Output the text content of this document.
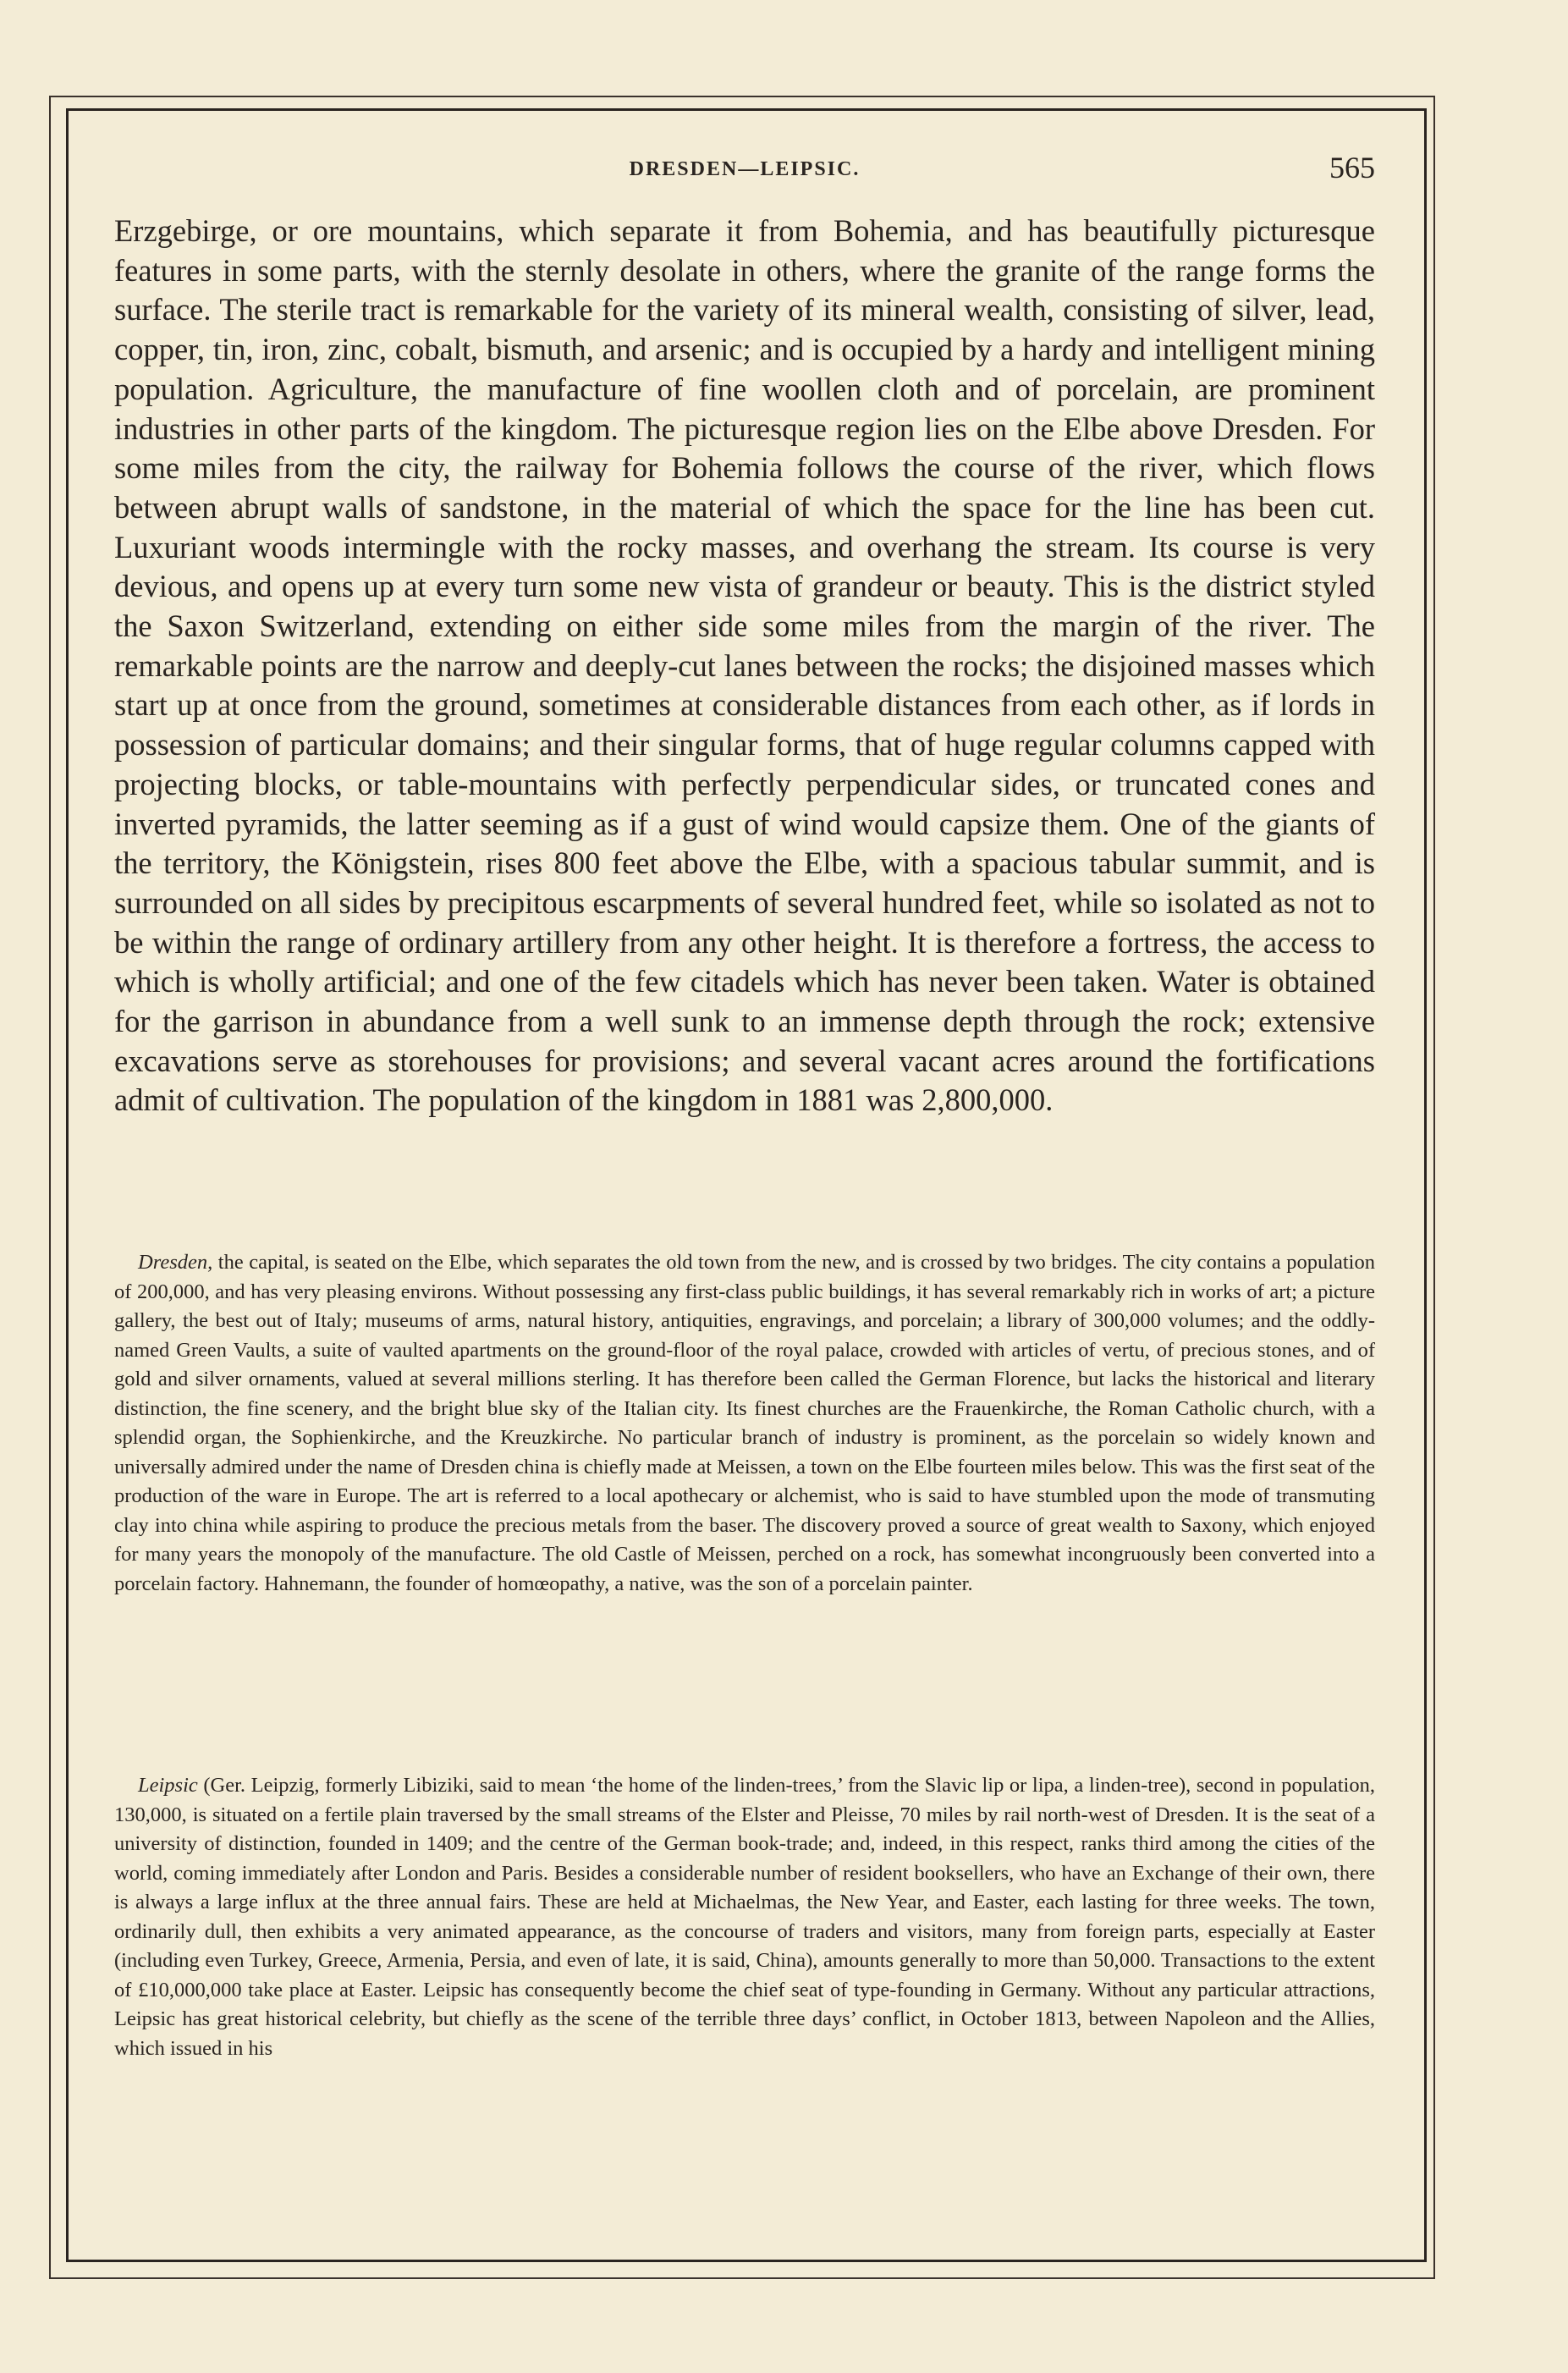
DRESDEN—LEIPSIC.	565

Erzgebirge, or ore mountains, which separate it from Bohemia, and has beautifully picturesque features in some parts, with the sternly desolate in others, where the granite of the range forms the surface. The sterile tract is remarkable for the variety of its mineral wealth, consisting of silver, lead, copper, tin, iron, zinc, cobalt, bismuth, and arsenic; and is occupied by a hardy and intelligent mining population. Agriculture, the manufacture of fine woollen cloth and of porcelain, are prominent industries in other parts of the kingdom. The picturesque region lies on the Elbe above Dresden. For some miles from the city, the railway for Bohemia follows the course of the river, which flows between abrupt walls of sandstone, in the material of which the space for the line has been cut. Luxuriant woods intermingle with the rocky masses, and overhang the stream. Its course is very devious, and opens up at every turn some new vista of grandeur or beauty. This is the district styled the Saxon Switzerland, extending on either side some miles from the margin of the river. The remarkable points are the narrow and deeply-cut lanes between the rocks; the disjoined masses which start up at once from the ground, sometimes at considerable distances from each other, as if lords in possession of particular domains; and their singular forms, that of huge regular columns capped with projecting blocks, or table-mountains with perfectly perpendicular sides, or truncated cones and inverted pyramids, the latter seeming as if a gust of wind would capsize them. One of the giants of the territory, the Königstein, rises 800 feet above the Elbe, with a spacious tabular summit, and is surrounded on all sides by precipitous escarpments of several hundred feet, while so isolated as not to be within the range of ordinary artillery from any other height. It is therefore a fortress, the access to which is wholly artificial; and one of the few citadels which has never been taken. Water is obtained for the garrison in abundance from a well sunk to an immense depth through the rock; extensive excavations serve as storehouses for provisions; and several vacant acres around the fortifications admit of cultivation. The population of the kingdom in 1881 was 2,800,000.

Dresden, the capital, is seated on the Elbe, which separates the old town from the new, and is crossed by two bridges. The city contains a population of 200,000, and has very pleasing environs. Without possessing any first-class public buildings, it has several remarkably rich in works of art; a picture gallery, the best out of Italy; museums of arms, natural history, antiquities, engravings, and porcelain; a library of 300,000 volumes; and the oddly-named Green Vaults, a suite of vaulted apartments on the ground-floor of the royal palace, crowded with articles of vertu, of precious stones, and of gold and silver ornaments, valued at several millions sterling. It has therefore been called the German Florence, but lacks the historical and literary distinction, the fine scenery, and the bright blue sky of the Italian city. Its finest churches are the Frauenkirche, the Roman Catholic church, with a splendid organ, the Sophienkirche, and the Kreuzkirche. No particular branch of industry is prominent, as the porcelain so widely known and universally admired under the name of Dresden china is chiefly made at Meissen, a town on the Elbe fourteen miles below. This was the first seat of the production of the ware in Europe. The art is referred to a local apothecary or alchemist, who is said to have stumbled upon the mode of transmuting clay into china while aspiring to produce the precious metals from the baser. The discovery proved a source of great wealth to Saxony, which enjoyed for many years the monopoly of the manufacture. The old Castle of Meissen, perched on a rock, has somewhat incongruously been converted into a porcelain factory. Hahnemann, the founder of homœopathy, a native, was the son of a porcelain painter.

Leipsic (Ger. Leipzig, formerly Libiziki, said to mean ‘the home of the linden-trees,’ from the Slavic lip or lipa, a linden-tree), second in population, 130,000, is situated on a fertile plain traversed by the small streams of the Elster and Pleisse, 70 miles by rail north-west of Dresden. It is the seat of a university of distinction, founded in 1409; and the centre of the German book-trade; and, indeed, in this respect, ranks third among the cities of the world, coming immediately after London and Paris. Besides a considerable number of resident booksellers, who have an Exchange of their own, there is always a large influx at the three annual fairs. These are held at Michaelmas, the New Year, and Easter, each lasting for three weeks. The town, ordinarily dull, then exhibits a very animated appearance, as the concourse of traders and visitors, many from foreign parts, especially at Easter (including even Turkey, Greece, Armenia, Persia, and even of late, it is said, China), amounts generally to more than 50,000. Transactions to the extent of £10,000,000 take place at Easter. Leipsic has consequently become the chief seat of type-founding in Germany. Without any particular attractions, Leipsic has great historical celebrity, but chiefly as the scene of the terrible three days’ conflict, in October 1813, between Napoleon and the Allies, which issued in his
